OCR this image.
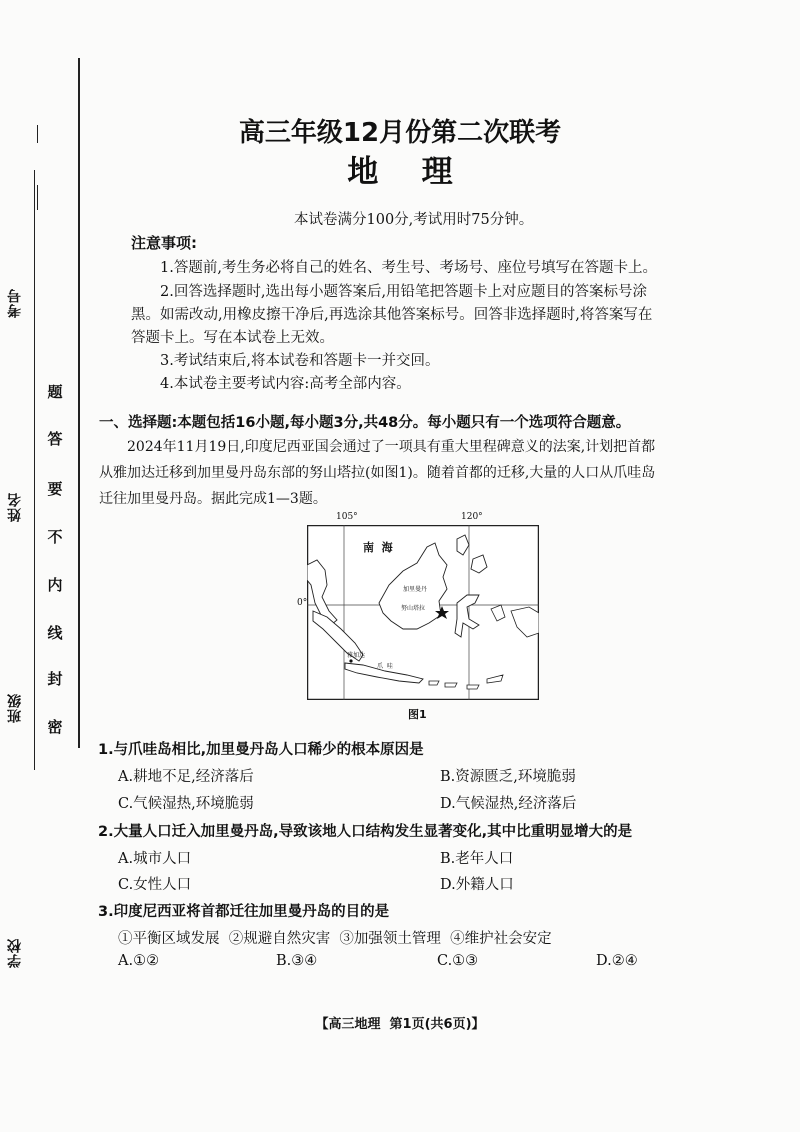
考号
姓名
班级
学校
题
答
要
不
内
线
封
密
高三年级12月份第二次联考
地    理
本试卷满分100分,考试用时75分钟。
注意事项:
1.答题前,考生务必将自己的姓名、考生号、考场号、座位号填写在答题卡上。
2.回答选择题时,选出每小题答案后,用铅笔把答题卡上对应题目的答案标号涂
黑。如需改动,用橡皮擦干净后,再选涂其他答案标号。回答非选择题时,将答案写在
答题卡上。写在本试卷上无效。
3.考试结束后,将本试卷和答题卡一并交回。
4.本试卷主要考试内容:高考全部内容。
一、选择题:本题包括16小题,每小题3分,共48分。每小题只有一个选项符合题意。
2024年11月19日,印度尼西亚国会通过了一项具有重大里程碑意义的法案,计划把首都
从雅加达迁移到加里曼丹岛东部的努山塔拉(如图1)。随着首都的迁移,大量的人口从爪哇岛
迁往加里曼丹岛。据此完成1—3题。
南  海
加里曼丹
努山塔拉
雅加达
爪  哇
105°	120°
0°
图1
1.与爪哇岛相比,加里曼丹岛人口稀少的根本原因是
A.耕地不足,经济落后	B.资源匮乏,环境脆弱
C.气候湿热,环境脆弱	D.气候湿热,经济落后
2.大量人口迁入加里曼丹岛,导致该地人口结构发生显著变化,其中比重明显增大的是
A.城市人口	B.老年人口
C.女性人口	D.外籍人口
3.印度尼西亚将首都迁往加里曼丹岛的目的是
①平衡区域发展  ②规避自然灾害  ③加强领土管理  ④维护社会安定
A.①②	B.③④	C.①③	D.②④
【高三地理  第1页(共6页)】
